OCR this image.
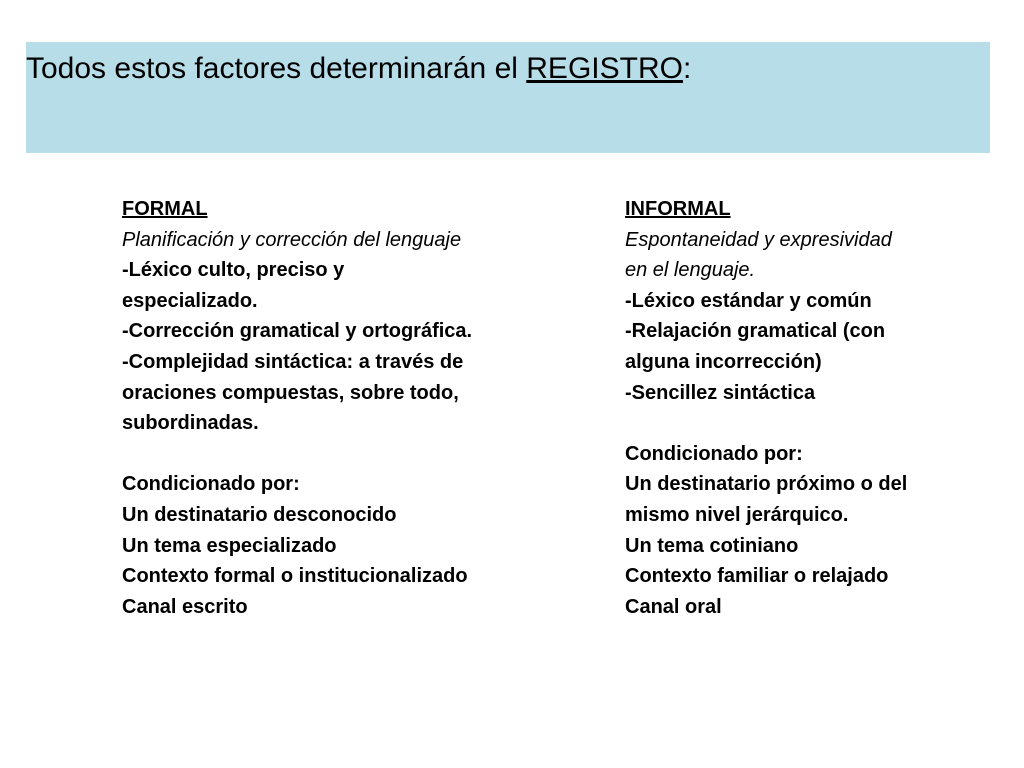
Todos estos factores determinarán el REGISTRO:
FORMAL
Planificación y corrección del lenguaje
-Léxico culto, preciso y especializado.
-Corrección gramatical y ortográfica.
-Complejidad sintáctica: a través de oraciones compuestas, sobre todo, subordinadas.
Condicionado por:
Un destinatario desconocido
Un tema especializado
Contexto formal o institucionalizado
Canal escrito
INFORMAL
Espontaneidad y expresividad en el lenguaje.
-Léxico estándar y común
-Relajación gramatical (con alguna incorrección)
-Sencillez sintáctica
Condicionado por:
Un destinatario próximo o del mismo nivel jerárquico.
Un tema cotiniano
Contexto familiar o relajado
Canal oral
